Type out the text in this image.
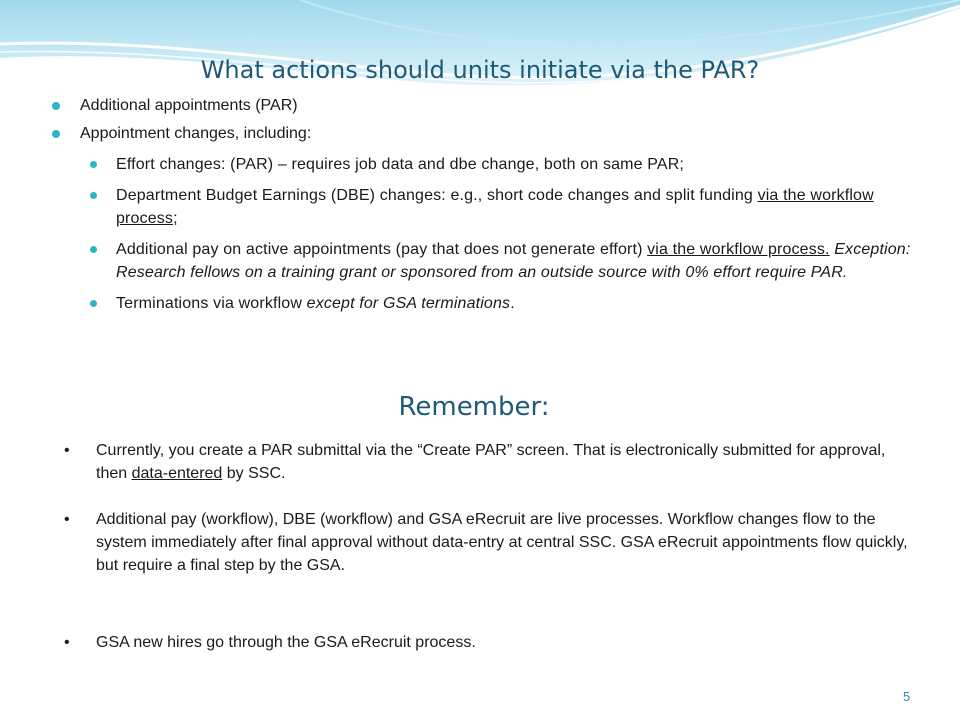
What actions should units initiate via the PAR?
Additional appointments (PAR)
Appointment changes, including:
Effort changes: (PAR) – requires job data and dbe change, both on same PAR;
Department Budget Earnings (DBE) changes: e.g., short code changes and split funding via the workflow process;
Additional pay on active appointments (pay that does not generate effort) via the workflow process. Exception: Research fellows on a training grant or sponsored from an outside source with 0% effort require PAR.
Terminations via workflow except for GSA terminations.
Remember:
• Currently, you create a PAR submittal via the “Create PAR” screen. That is electronically submitted for approval, then data-entered by SSC.
• Additional pay (workflow), DBE (workflow) and GSA eRecruit are live processes. Workflow changes flow to the system immediately after final approval without data-entry at central SSC. GSA eRecruit appointments flow quickly, but require a final step by the GSA.
• GSA new hires go through the GSA eRecruit process.
5
